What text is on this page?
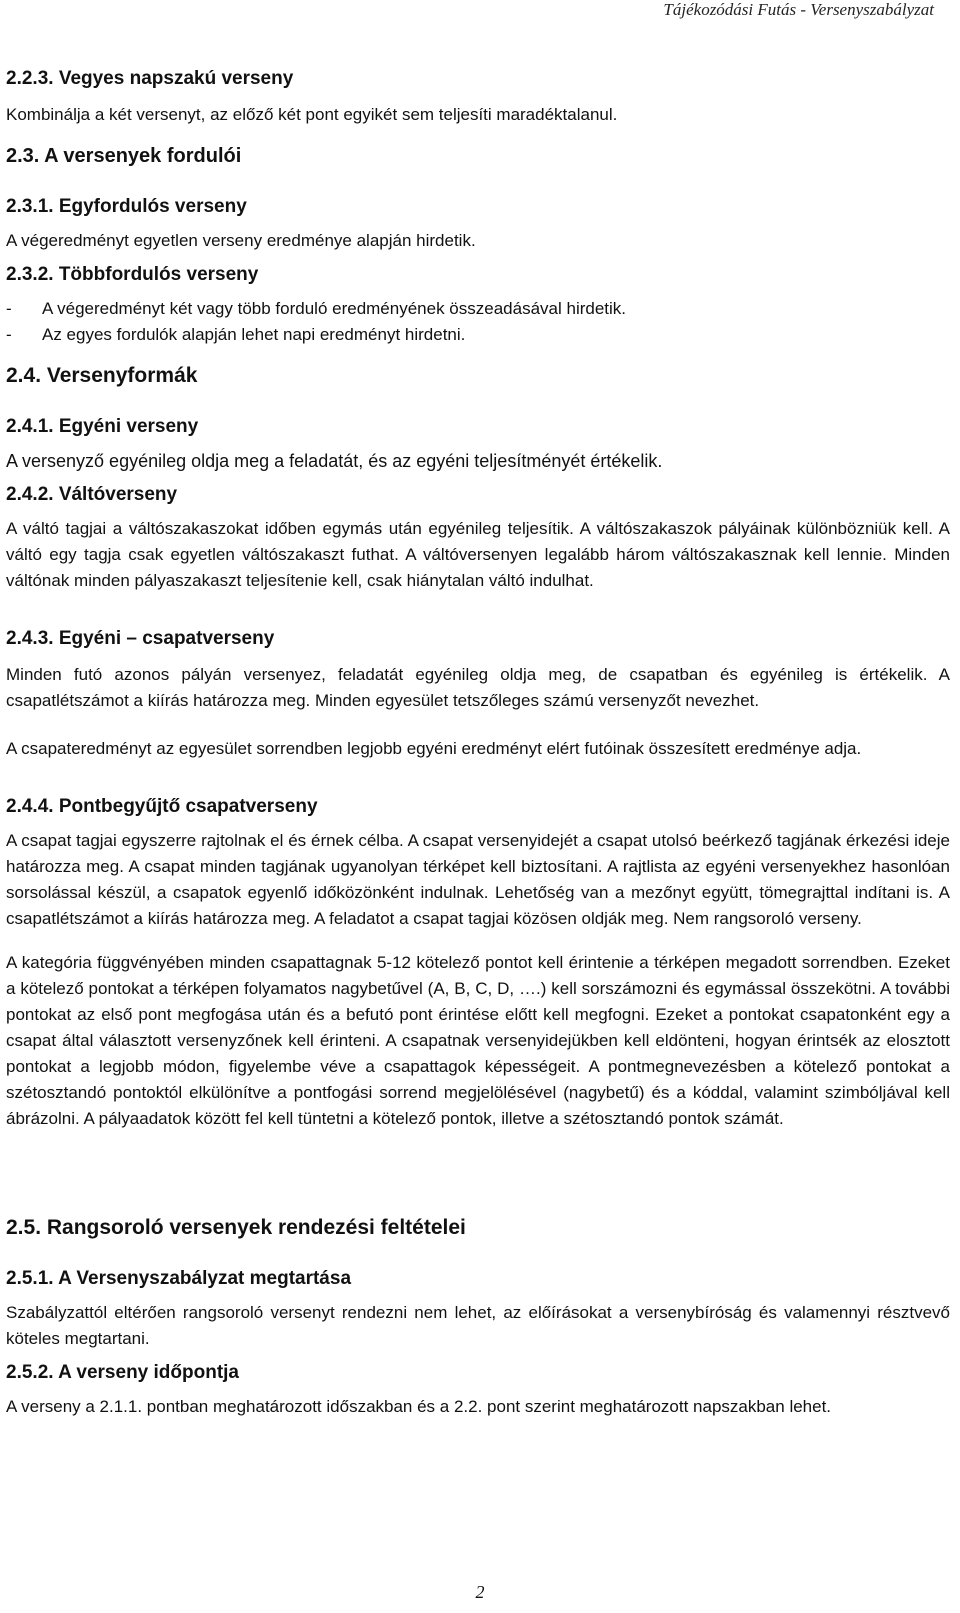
Tájékozódási Futás - Versenyszabályzat
2.2.3. Vegyes napszakú verseny

Kombinálja a két versenyt, az előző két pont egyikét sem teljesíti maradéktalanul.

2.3. A versenyek fordulói
2.3.1. Egyfordulós verseny

A végeredményt egyetlen verseny eredménye alapján hirdetik.

2.3.2. Többfordulós verseny
- A végeredményt két vagy több forduló eredményének összeadásával hirdetik.
- Az egyes fordulók alapján lehet napi eredményt hirdetni.
2.4. Versenyformák
2.4.1. Egyéni verseny

A versenyző egyénileg oldja meg a feladatát, és az egyéni teljesítményét értékelik.

2.4.2. Váltóverseny

A váltó tagjai a váltószakaszokat időben egymás után egyénileg teljesítik. A váltószakaszok pályáinak különbözniük kell. A váltó egy tagja csak egyetlen váltószakaszt futhat. A váltóversenyen legalább három váltószakasznak kell lennie. Minden váltónak minden pályaszakaszt teljesítenie kell, csak hiánytalan váltó indulhat.

2.4.3. Egyéni – csapatverseny

Minden futó azonos pályán versenyez, feladatát egyénileg oldja meg, de csapatban és egyénileg is értékelik. A csapatlétszámot a kiírás határozza meg. Minden egyesület tetszőleges számú versenyzőt nevezhet.

A csapateredményt az egyesület sorrendben legjobb egyéni eredményt elért futóinak összesített eredménye adja.

2.4.4. Pontbegyűjtő csapatverseny

A csapat tagjai egyszerre rajtolnak el és érnek célba. A csapat versenyidejét a csapat utolsó beérkező tagjának érkezési ideje határozza meg. A csapat minden tagjának ugyanolyan térképet kell biztosítani. A rajtlista az egyéni versenyekhez hasonlóan sorsolással készül, a csapatok egyenlő időközönként indulnak. Lehetőség van a mezőnyt együtt, tömegrajttal indítani is. A csapatlétszámot a kiírás határozza meg. A feladatot a csapat tagjai közösen oldják meg. Nem rangsoroló verseny.

A kategória függvényében minden csapattagnak 5-12 kötelező pontot kell érintenie a térképen megadott sorrendben. Ezeket a kötelező pontokat a térképen folyamatos nagybetűvel (A, B, C, D, ….) kell sorszámozni és egymással összekötni. A további pontokat az első pont megfogása után és a befutó pont érintése előtt kell megfogni. Ezeket a pontokat csapatonként egy a csapat által választott versenyzőnek kell érinteni. A csapatnak versenyidejükben kell eldönteni, hogyan érintsék az elosztott pontokat a legjobb módon, figyelembe véve a csapattagok képességeit. A pontmegnevezésben a kötelező pontokat a szétosztandó pontoktól elkülönítve a pontfogási sorrend megjelölésével (nagybetű) és a kóddal, valamint szimbóljával kell ábrázolni. A pályaadatok között fel kell tüntetni a kötelező pontok, illetve a szétosztandó pontok számát.

2.5. Rangsoroló versenyek rendezési feltételei
2.5.1. A Versenyszabályzat megtartása

Szabályzattól eltérően rangsoroló versenyt rendezni nem lehet, az előírásokat a versenybíróság és valamennyi résztvevő köteles megtartani.

2.5.2. A verseny időpontja

A verseny a 2.1.1. pontban meghatározott időszakban és a 2.2. pont szerint meghatározott napszakban lehet.

2
